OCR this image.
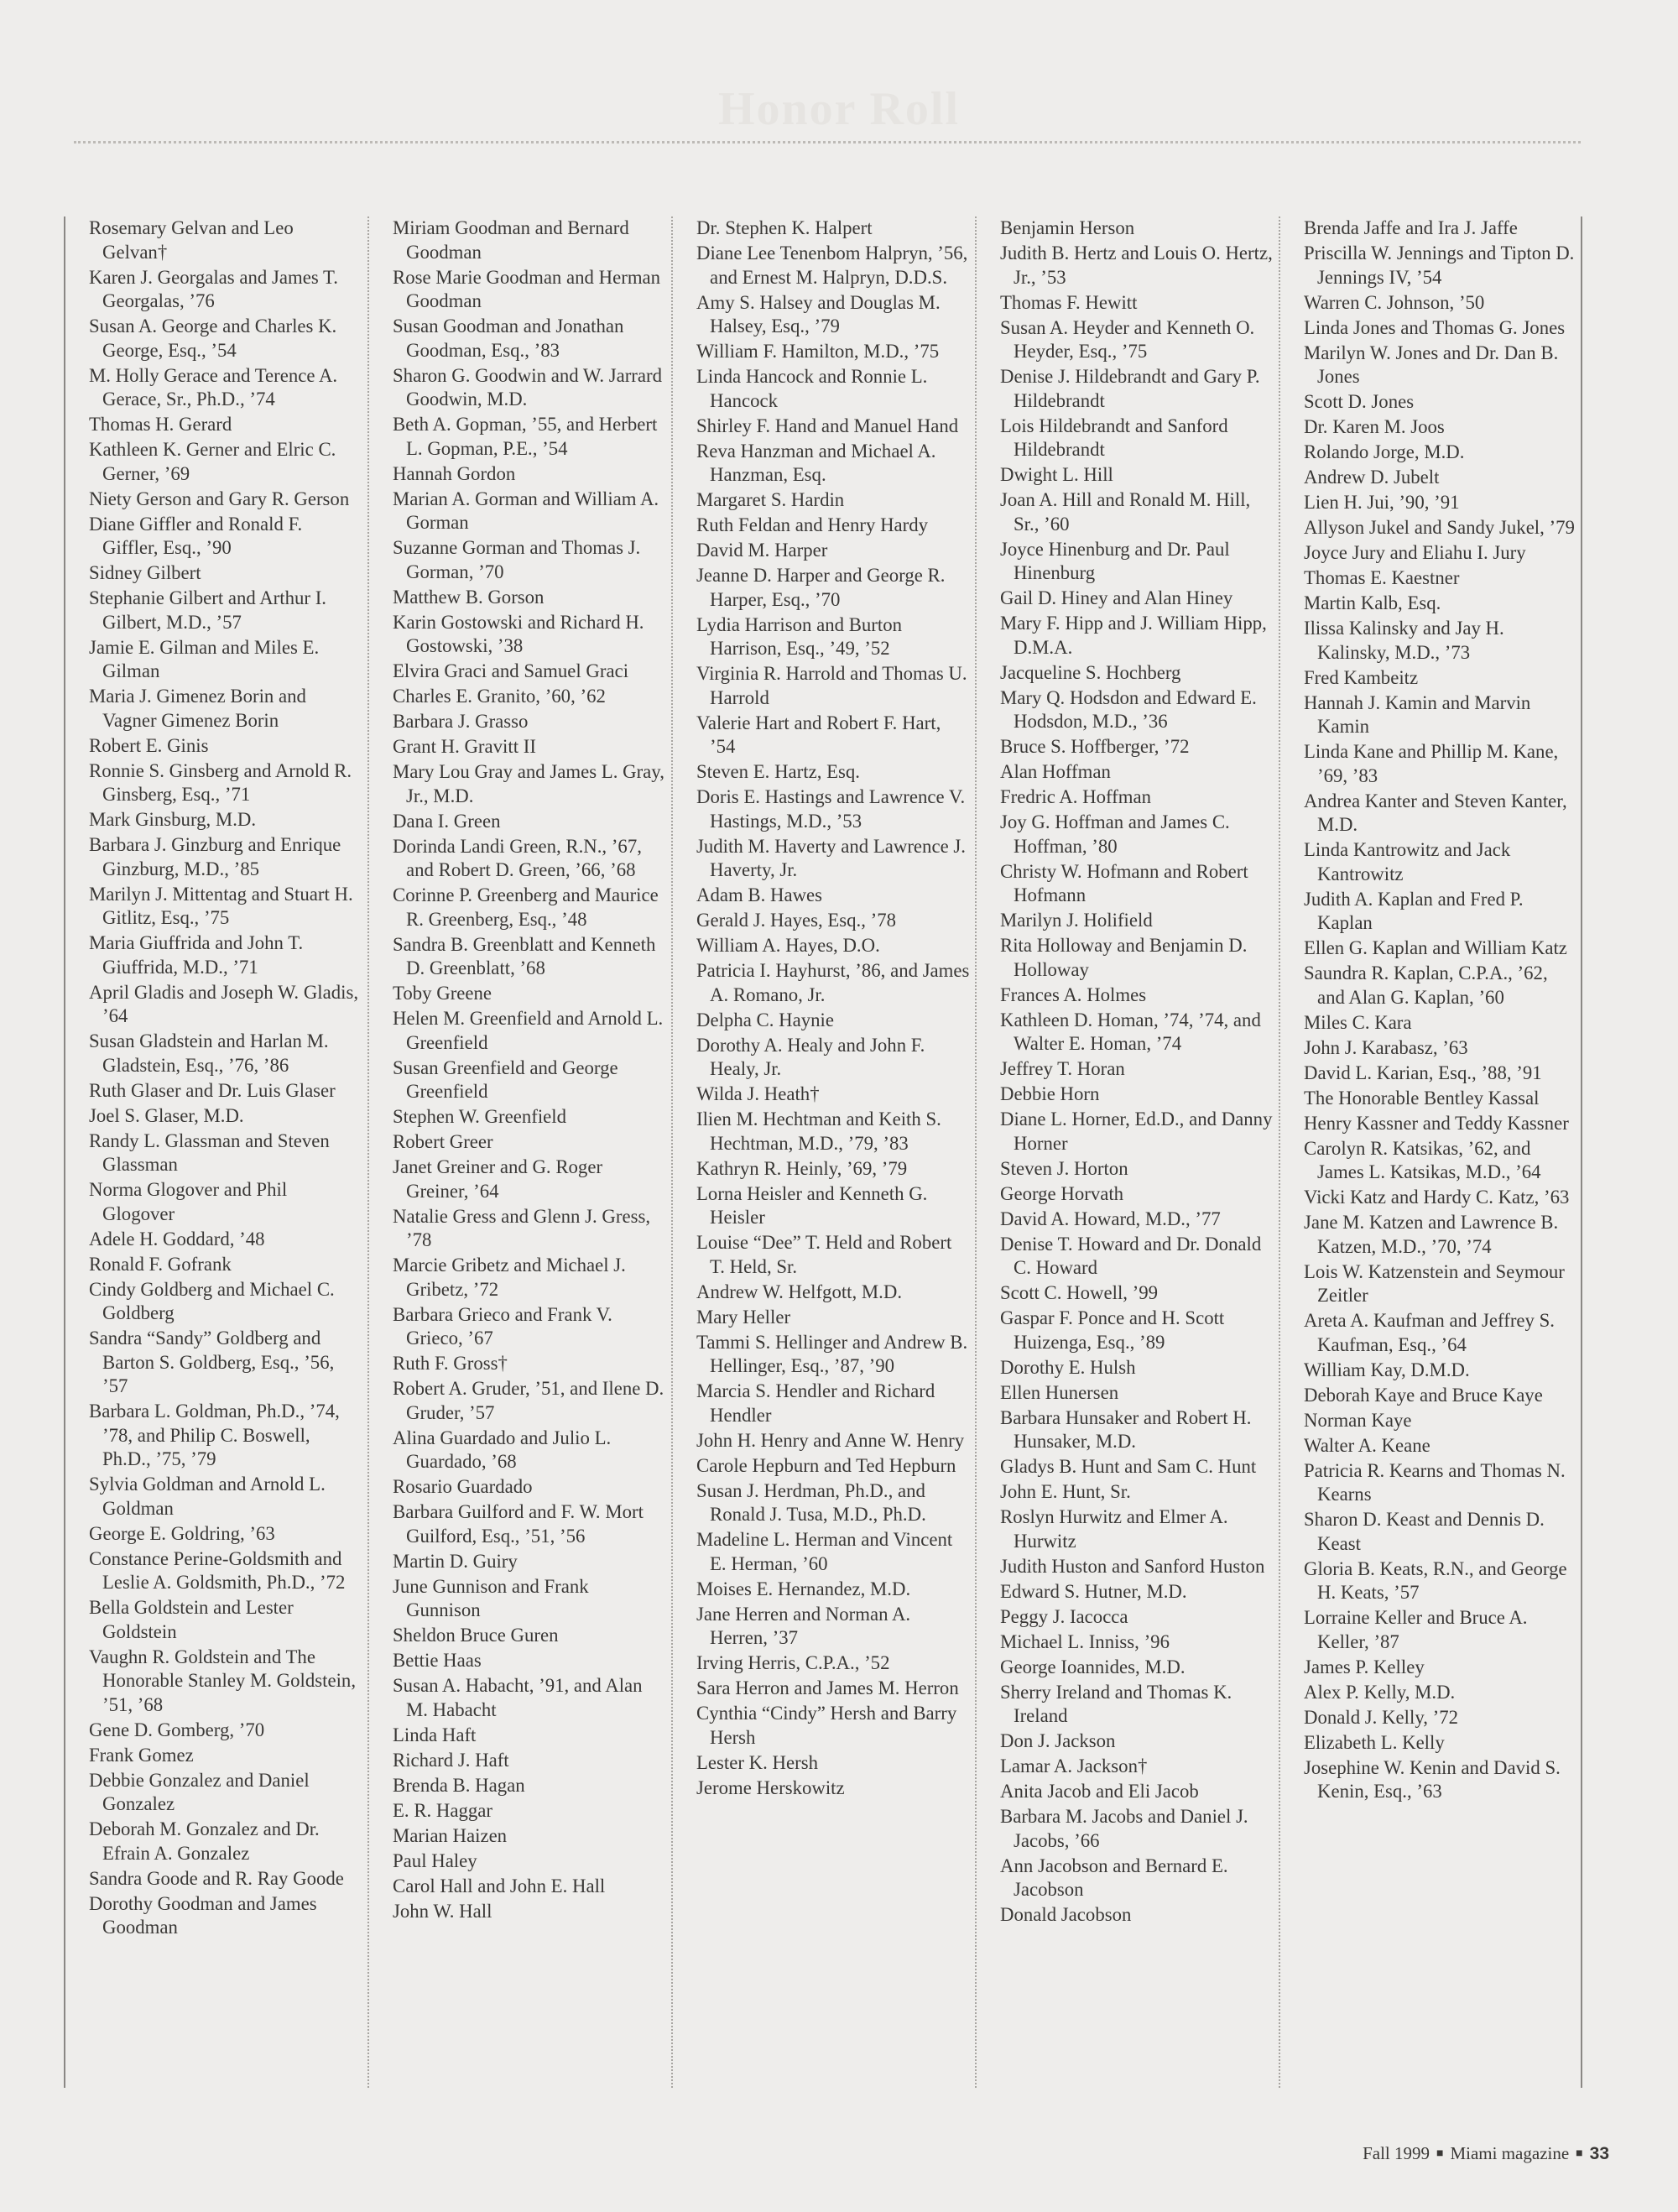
Honor Roll
Rosemary Gelvan and Leo Gelvan†
Karen J. Georgalas and James T. Georgalas, ’76
Susan A. George and Charles K. George, Esq., ’54
M. Holly Gerace and Terence A. Gerace, Sr., Ph.D., ’74
Thomas H. Gerard
Kathleen K. Gerner and Elric C. Gerner, ’69
Niety Gerson and Gary R. Gerson
Diane Giffler and Ronald F. Giffler, Esq., ’90
Sidney Gilbert
Stephanie Gilbert and Arthur I. Gilbert, M.D., ’57
Jamie E. Gilman and Miles E. Gilman
Maria J. Gimenez Borin and Vagner Gimenez Borin
Robert E. Ginis
Ronnie S. Ginsberg and Arnold R. Ginsberg, Esq., ’71
Mark Ginsburg, M.D.
Barbara J. Ginzburg and Enrique Ginzburg, M.D., ’85
Marilyn J. Mittentag and Stuart H. Gitlitz, Esq., ’75
Maria Giuffrida and John T. Giuffrida, M.D., ’71
April Gladis and Joseph W. Gladis, ’64
Susan Gladstein and Harlan M. Gladstein, Esq., ’76, ’86
Ruth Glaser and Dr. Luis Glaser
Joel S. Glaser, M.D.
Randy L. Glassman and Steven Glassman
Norma Glogover and Phil Glogover
Adele H. Goddard, ’48
Ronald F. Gofrank
Cindy Goldberg and Michael C. Goldberg
Sandra “Sandy” Goldberg and Barton S. Goldberg, Esq., ’56, ’57
Barbara L. Goldman, Ph.D., ’74, ’78, and Philip C. Boswell, Ph.D., ’75, ’79
Sylvia Goldman and Arnold L. Goldman
George E. Goldring, ’63
Constance Perine-Goldsmith and Leslie A. Goldsmith, Ph.D., ’72
Bella Goldstein and Lester Goldstein
Vaughn R. Goldstein and The Honorable Stanley M. Goldstein, ’51, ’68
Gene D. Gomberg, ’70
Frank Gomez
Debbie Gonzalez and Daniel Gonzalez
Deborah M. Gonzalez and Dr. Efrain A. Gonzalez
Sandra Goode and R. Ray Goode
Dorothy Goodman and James Goodman
Miriam Goodman and Bernard Goodman
Rose Marie Goodman and Herman Goodman
Susan Goodman and Jonathan Goodman, Esq., ’83
Sharon G. Goodwin and W. Jarrard Goodwin, M.D.
Beth A. Gopman, ’55, and Herbert L. Gopman, P.E., ’54
Hannah Gordon
Marian A. Gorman and William A. Gorman
Suzanne Gorman and Thomas J. Gorman, ’70
Matthew B. Gorson
Karin Gostowski and Richard H. Gostowski, ’38
Elvira Graci and Samuel Graci
Charles E. Granito, ’60, ’62
Barbara J. Grasso
Grant H. Gravitt II
Mary Lou Gray and James L. Gray, Jr., M.D.
Dana I. Green
Dorinda Landi Green, R.N., ’67, and Robert D. Green, ’66, ’68
Corinne P. Greenberg and Maurice R. Greenberg, Esq., ’48
Sandra B. Greenblatt and Kenneth D. Greenblatt, ’68
Toby Greene
Helen M. Greenfield and Arnold L. Greenfield
Susan Greenfield and George Greenfield
Stephen W. Greenfield
Robert Greer
Janet Greiner and G. Roger Greiner, ’64
Natalie Gress and Glenn J. Gress, ’78
Marcie Gribetz and Michael J. Gribetz, ’72
Barbara Grieco and Frank V. Grieco, ’67
Ruth F. Gross†
Robert A. Gruder, ’51, and Ilene D. Gruder, ’57
Alina Guardado and Julio L. Guardado, ’68
Rosario Guardado
Barbara Guilford and F. W. Mort Guilford, Esq., ’51, ’56
Martin D. Guiry
June Gunnison and Frank Gunnison
Sheldon Bruce Guren
Bettie Haas
Susan A. Habacht, ’91, and Alan M. Habacht
Linda Haft
Richard J. Haft
Brenda B. Hagan
E. R. Haggar
Marian Haizen
Paul Haley
Carol Hall and John E. Hall
John W. Hall
Dr. Stephen K. Halpert
Diane Lee Tenenbom Halpryn, ’56, and Ernest M. Halpryn, D.D.S.
Amy S. Halsey and Douglas M. Halsey, Esq., ’79
William F. Hamilton, M.D., ’75
Linda Hancock and Ronnie L. Hancock
Shirley F. Hand and Manuel Hand
Reva Hanzman and Michael A. Hanzman, Esq.
Margaret S. Hardin
Ruth Feldan and Henry Hardy
David M. Harper
Jeanne D. Harper and George R. Harper, Esq., ’70
Lydia Harrison and Burton Harrison, Esq., ’49, ’52
Virginia R. Harrold and Thomas U. Harrold
Valerie Hart and Robert F. Hart, ’54
Steven E. Hartz, Esq.
Doris E. Hastings and Lawrence V. Hastings, M.D., ’53
Judith M. Haverty and Lawrence J. Haverty, Jr.
Adam B. Hawes
Gerald J. Hayes, Esq., ’78
William A. Hayes, D.O.
Patricia I. Hayhurst, ’86, and James A. Romano, Jr.
Delpha C. Haynie
Dorothy A. Healy and John F. Healy, Jr.
Wilda J. Heath†
Ilien M. Hechtman and Keith S. Hechtman, M.D., ’79, ’83
Kathryn R. Heinly, ’69, ’79
Lorna Heisler and Kenneth G. Heisler
Louise “Dee” T. Held and Robert T. Held, Sr.
Andrew W. Helfgott, M.D.
Mary Heller
Tammi S. Hellinger and Andrew B. Hellinger, Esq., ’87, ’90
Marcia S. Hendler and Richard Hendler
John H. Henry and Anne W. Henry
Carole Hepburn and Ted Hepburn
Susan J. Herdman, Ph.D., and Ronald J. Tusa, M.D., Ph.D.
Madeline L. Herman and Vincent E. Herman, ’60
Moises E. Hernandez, M.D.
Jane Herren and Norman A. Herren, ’37
Irving Herris, C.P.A., ’52
Sara Herron and James M. Herron
Cynthia “Cindy” Hersh and Barry Hersh
Lester K. Hersh
Jerome Herskowitz
Benjamin Herson
Judith B. Hertz and Louis O. Hertz, Jr., ’53
Thomas F. Hewitt
Susan A. Heyder and Kenneth O. Heyder, Esq., ’75
Denise J. Hildebrandt and Gary P. Hildebrandt
Lois Hildebrandt and Sanford Hildebrandt
Dwight L. Hill
Joan A. Hill and Ronald M. Hill, Sr., ’60
Joyce Hinenburg and Dr. Paul Hinenburg
Gail D. Hiney and Alan Hiney
Mary F. Hipp and J. William Hipp, D.M.A.
Jacqueline S. Hochberg
Mary Q. Hodsdon and Edward E. Hodsdon, M.D., ’36
Bruce S. Hoffberger, ’72
Alan Hoffman
Fredric A. Hoffman
Joy G. Hoffman and James C. Hoffman, ’80
Christy W. Hofmann and Robert Hofmann
Marilyn J. Holifield
Rita Holloway and Benjamin D. Holloway
Frances A. Holmes
Kathleen D. Homan, ’74, ’74, and Walter E. Homan, ’74
Jeffrey T. Horan
Debbie Horn
Diane L. Horner, Ed.D., and Danny Horner
Steven J. Horton
George Horvath
David A. Howard, M.D., ’77
Denise T. Howard and Dr. Donald C. Howard
Scott C. Howell, ’99
Gaspar F. Ponce and H. Scott Huizenga, Esq., ’89
Dorothy E. Hulsh
Ellen Hunersen
Barbara Hunsaker and Robert H. Hunsaker, M.D.
Gladys B. Hunt and Sam C. Hunt
John E. Hunt, Sr.
Roslyn Hurwitz and Elmer A. Hurwitz
Judith Huston and Sanford Huston
Edward S. Hutner, M.D.
Peggy J. Iacocca
Michael L. Inniss, ’96
George Ioannides, M.D.
Sherry Ireland and Thomas K. Ireland
Don J. Jackson
Lamar A. Jackson†
Anita Jacob and Eli Jacob
Barbara M. Jacobs and Daniel J. Jacobs, ’66
Ann Jacobson and Bernard E. Jacobson
Donald Jacobson
Brenda Jaffe and Ira J. Jaffe
Priscilla W. Jennings and Tipton D. Jennings IV, ’54
Warren C. Johnson, ’50
Linda Jones and Thomas G. Jones
Marilyn W. Jones and Dr. Dan B. Jones
Scott D. Jones
Dr. Karen M. Joos
Rolando Jorge, M.D.
Andrew D. Jubelt
Lien H. Jui, ’90, ’91
Allyson Jukel and Sandy Jukel, ’79
Joyce Jury and Eliahu I. Jury
Thomas E. Kaestner
Martin Kalb, Esq.
Ilissa Kalinsky and Jay H. Kalinsky, M.D., ’73
Fred Kambeitz
Hannah J. Kamin and Marvin Kamin
Linda Kane and Phillip M. Kane, ’69, ’83
Andrea Kanter and Steven Kanter, M.D.
Linda Kantrowitz and Jack Kantrowitz
Judith A. Kaplan and Fred P. Kaplan
Ellen G. Kaplan and William Katz
Saundra R. Kaplan, C.P.A., ’62, and Alan G. Kaplan, ’60
Miles C. Kara
John J. Karabasz, ’63
David L. Karian, Esq., ’88, ’91
The Honorable Bentley Kassal
Henry Kassner and Teddy Kassner
Carolyn R. Katsikas, ’62, and James L. Katsikas, M.D., ’64
Vicki Katz and Hardy C. Katz, ’63
Jane M. Katzen and Lawrence B. Katzen, M.D., ’70, ’74
Lois W. Katzenstein and Seymour Zeitler
Areta A. Kaufman and Jeffrey S. Kaufman, Esq., ’64
William Kay, D.M.D.
Deborah Kaye and Bruce Kaye
Norman Kaye
Walter A. Keane
Patricia R. Kearns and Thomas N. Kearns
Sharon D. Keast and Dennis D. Keast
Gloria B. Keats, R.N., and George H. Keats, ’57
Lorraine Keller and Bruce A. Keller, ’87
James P. Kelley
Alex P. Kelly, M.D.
Donald J. Kelly, ’72
Elizabeth L. Kelly
Josephine W. Kenin and David S. Kenin, Esq., ’63
Fall 1999 ■ Miami magazine ■ 33
